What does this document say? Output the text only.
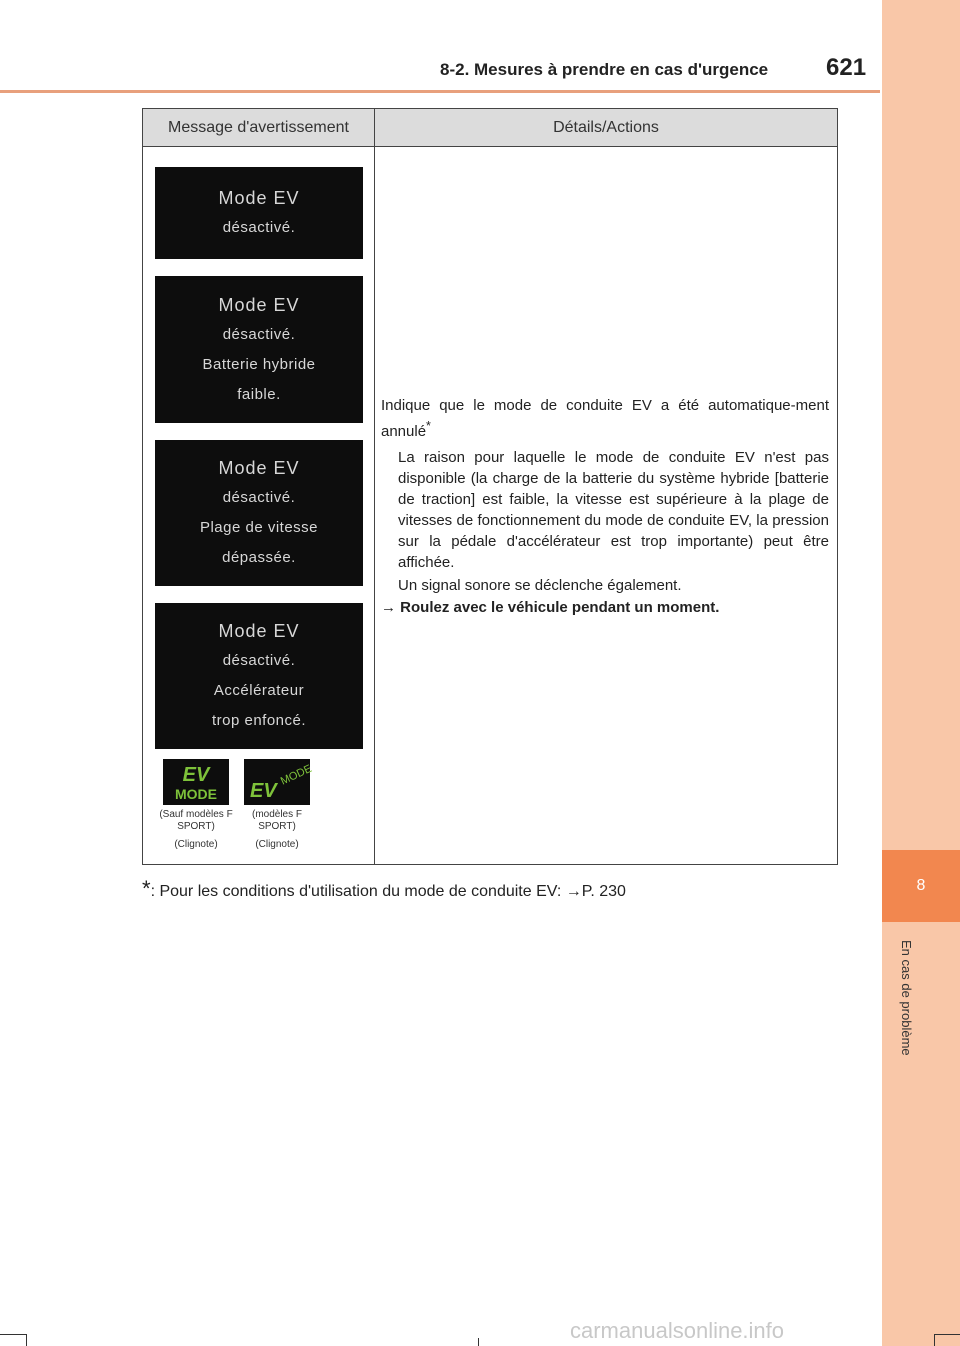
8-2. Mesures à prendre en cas d'urgence 621
8
En cas de problème
Message d'avertissement	Détails/Actions
Mode EV
désactivé.
Mode EV
désactivé.
Batterie hybride
faible.
Mode EV
désactivé.
Plage de vitesse
dépassée.
Mode EV
désactivé.
Accélérateur
trop enfoncé.
EV
MODE
(Sauf modèles F SPORT)
(Clignote)
EV
MODE
(modèles F SPORT)
(Clignote)
Indique que le mode de conduite EV a été automatique-ment annulé*
La raison pour laquelle le mode de conduite EV n'est pas disponible (la charge de la batterie du système hybride [batterie de traction] est faible, la vitesse est supérieure à la plage de vitesses de fonctionnement du mode de conduite EV, la pression sur la pédale d'accélérateur est trop importante) peut être affichée.
Un signal sonore se déclenche également.
→ Roulez avec le véhicule pendant un moment.
*: Pour les conditions d'utilisation du mode de conduite EV: →P. 230
carmanualsonline.info
